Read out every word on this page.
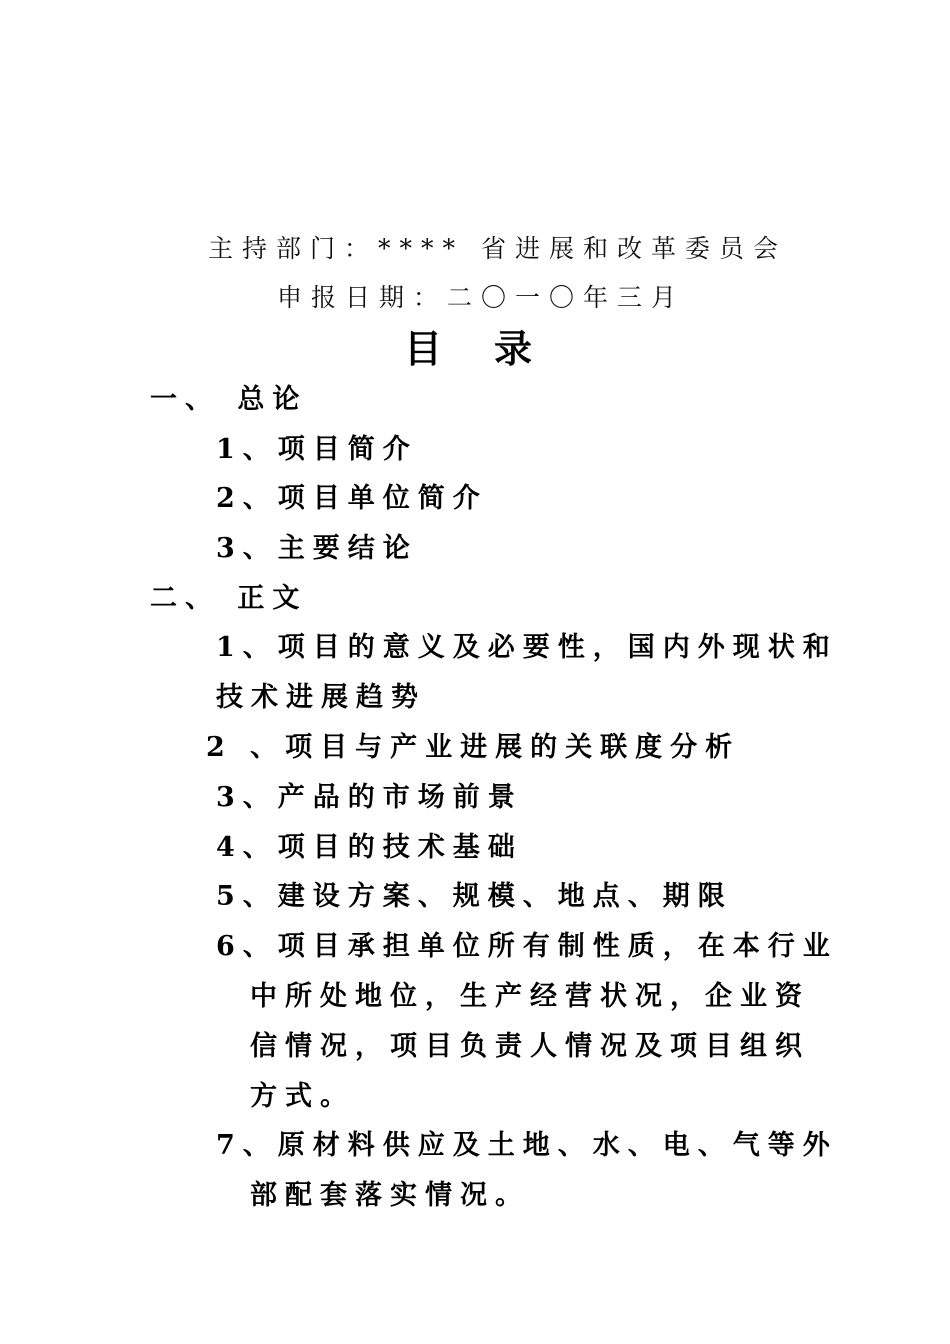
主持部门：**** 省进展和改革委员会
申报日期：二〇一〇年三月
目录
一、 总论
1、项目简介
2、项目单位简介
3、主要结论
二、 正文
1、项目的意义及必要性，国内外现状和
技术进展趋势
2 、项目与产业进展的关联度分析
3、产品的市场前景
4、项目的技术基础
5、建设方案、规模、地点、期限
6、项目承担单位所有制性质，在本行业
中所处地位，生产经营状况，企业资
信情况，项目负责人情况及项目组织
方式。
7、原材料供应及土地、水、电、气等外
部配套落实情况。
